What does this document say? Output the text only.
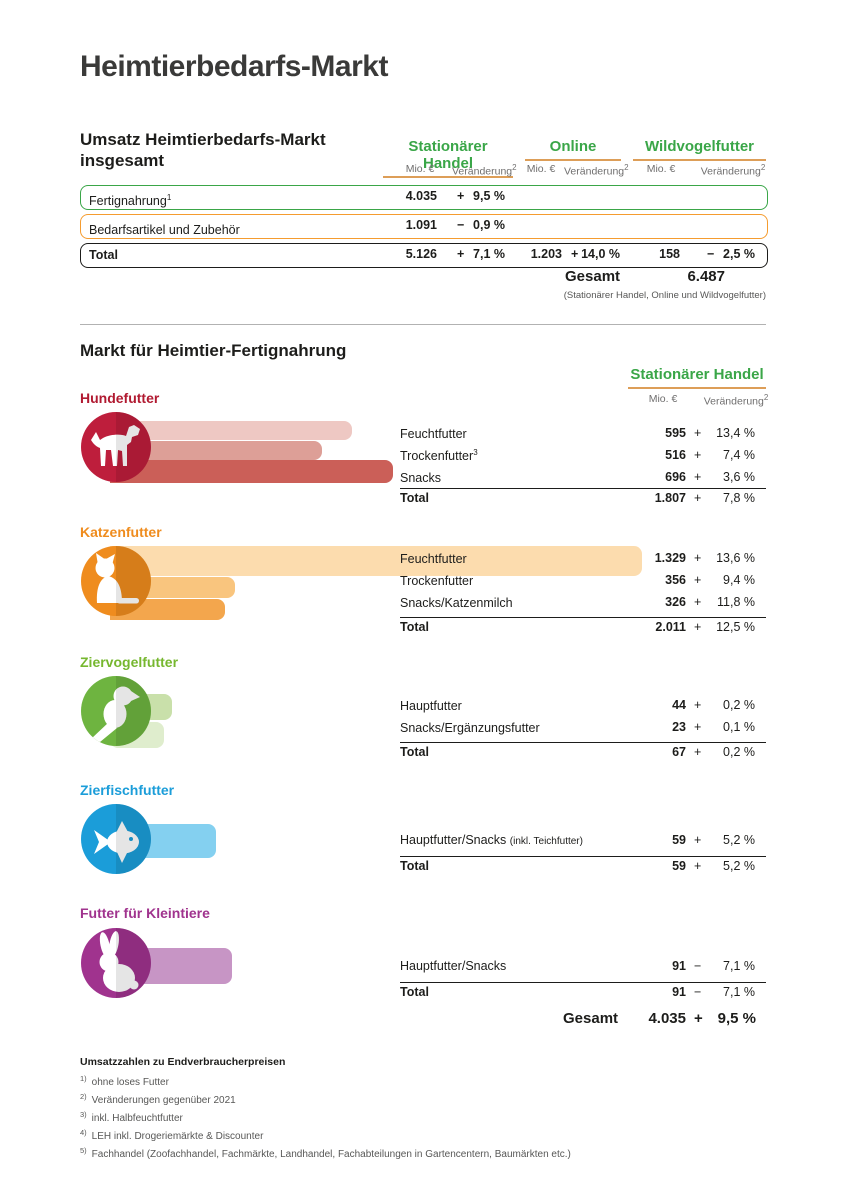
Heimtierbedarfs-Markt
Umsatz Heimtierbedarfs-Markt
insgesamt
Stationärer Handel
Online	Wildvogelfutter
Mio. €	Veränderung$^2$ Mio. € Veränderung$^2$	Mio. €	Veränderung$^2$
Fertignahrung$^1$	4.035 + 9,5 %
Bedarfsartikel und Zubehör	1.091 − 0,9 %
Total	5.126 + 7,1 %	1.203 + 14,0 %	158 − 2,5 %
Gesamt	6.487
(Stationärer Handel, Online und Wildvogelfutter)
Markt für Heimtier-Fertignahrung
Stationärer Handel
Mio. €	Veränderung$^2$
Hundefutter
Feuchtfutter	595 + 13,4 %
Trockenfutter$^3$	516 + 7,4 %
Snacks	696 + 3,6 %
Total	1.807 + 7,8 %
Katzenfutter
Feuchtfutter	1.329 + 13,6 %
Trockenfutter	356 + 9,4 %
Snacks/Katzenmilch	326 + 11,8 %
Total	2.011 + 12,5 %
Ziervogelfutter
Hauptfutter	44 + 0,2 %
Snacks/Ergänzungsfutter	23 + 0,1 %
Total	67 + 0,2 %
Zierfischfutter
Hauptfutter/Snacks (inkl. Teichfutter)	59 + 5,2 %
Total	59 + 5,2 %
Futter für Kleintiere
Hauptfutter/Snacks	91 − 7,1 %
Total	91 − 7,1 %
Gesamt	4.035 + 9,5 %
Umsatzzahlen zu Endverbraucherpreisen
$^{1)}$ ohne loses Futter
$^{2)}$ Veränderungen gegenüber 2021
$^{3)}$ inkl. Halbfeuchtfutter
$^{4)}$ LEH inkl. Drogeriemärkte & Discounter
$^{5)}$ Fachhandel (Zoofachhandel, Fachmärkte, Landhandel, Fachabteilungen in Gartencentern, Baumärkten etc.)
